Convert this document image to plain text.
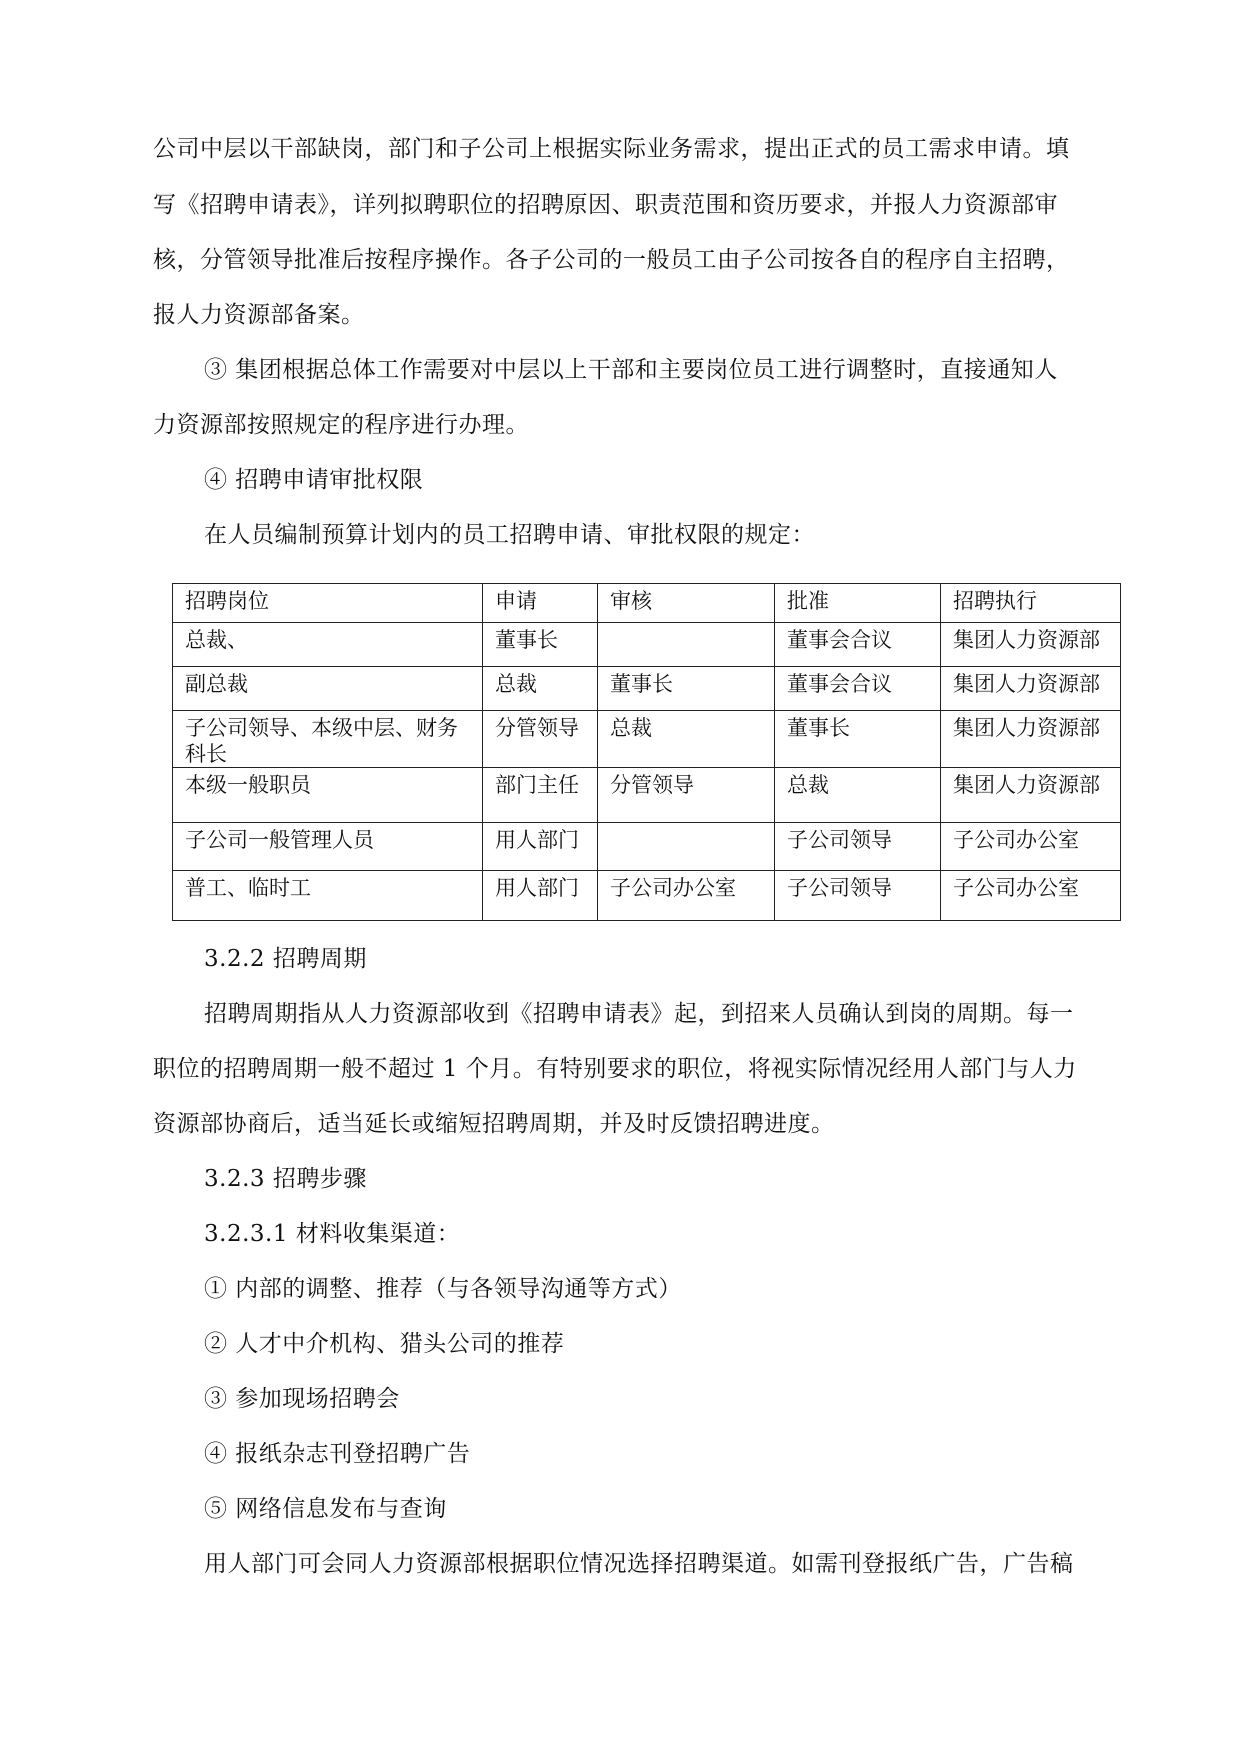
公司中层以干部缺岗，部门和子公司上根据实际业务需求，提出正式的员工需求申请。填
写《招聘申请表》，详列拟聘职位的招聘原因、职责范围和资历要求，并报人力资源部审
核，分管领导批准后按程序操作。各子公司的一般员工由子公司按各自的程序自主招聘，
报人力资源部备案。
③ 集团根据总体工作需要对中层以上干部和主要岗位员工进行调整时，直接通知人
力资源部按照规定的程序进行办理。
④ 招聘申请审批权限
在人员编制预算计划内的员工招聘申请、审批权限的规定：
招聘岗位	申请	审核	批准	招聘执行
总裁、	董事长		董事会合议	集团人力资源部
副总裁	总裁	董事长	董事会合议	集团人力资源部
子公司领导、本级中层、财务科长	分管领导	总裁	董事长	集团人力资源部
本级一般职员	部门主任	分管领导	总裁	集团人力资源部
子公司一般管理人员	用人部门		子公司领导	子公司办公室
普工、临时工	用人部门	子公司办公室	子公司领导	子公司办公室
3.2.2 招聘周期
招聘周期指从人力资源部收到《招聘申请表》起，到招来人员确认到岗的周期。每一
职位的招聘周期一般不超过 1 个月。有特别要求的职位，将视实际情况经用人部门与人力
资源部协商后，适当延长或缩短招聘周期，并及时反馈招聘进度。
3.2.3 招聘步骤
3.2.3.1 材料收集渠道：
① 内部的调整、推荐（与各领导沟通等方式）
② 人才中介机构、猎头公司的推荐
③ 参加现场招聘会
④ 报纸杂志刊登招聘广告
⑤ 网络信息发布与查询
用人部门可会同人力资源部根据职位情况选择招聘渠道。如需刊登报纸广告，广告稿
